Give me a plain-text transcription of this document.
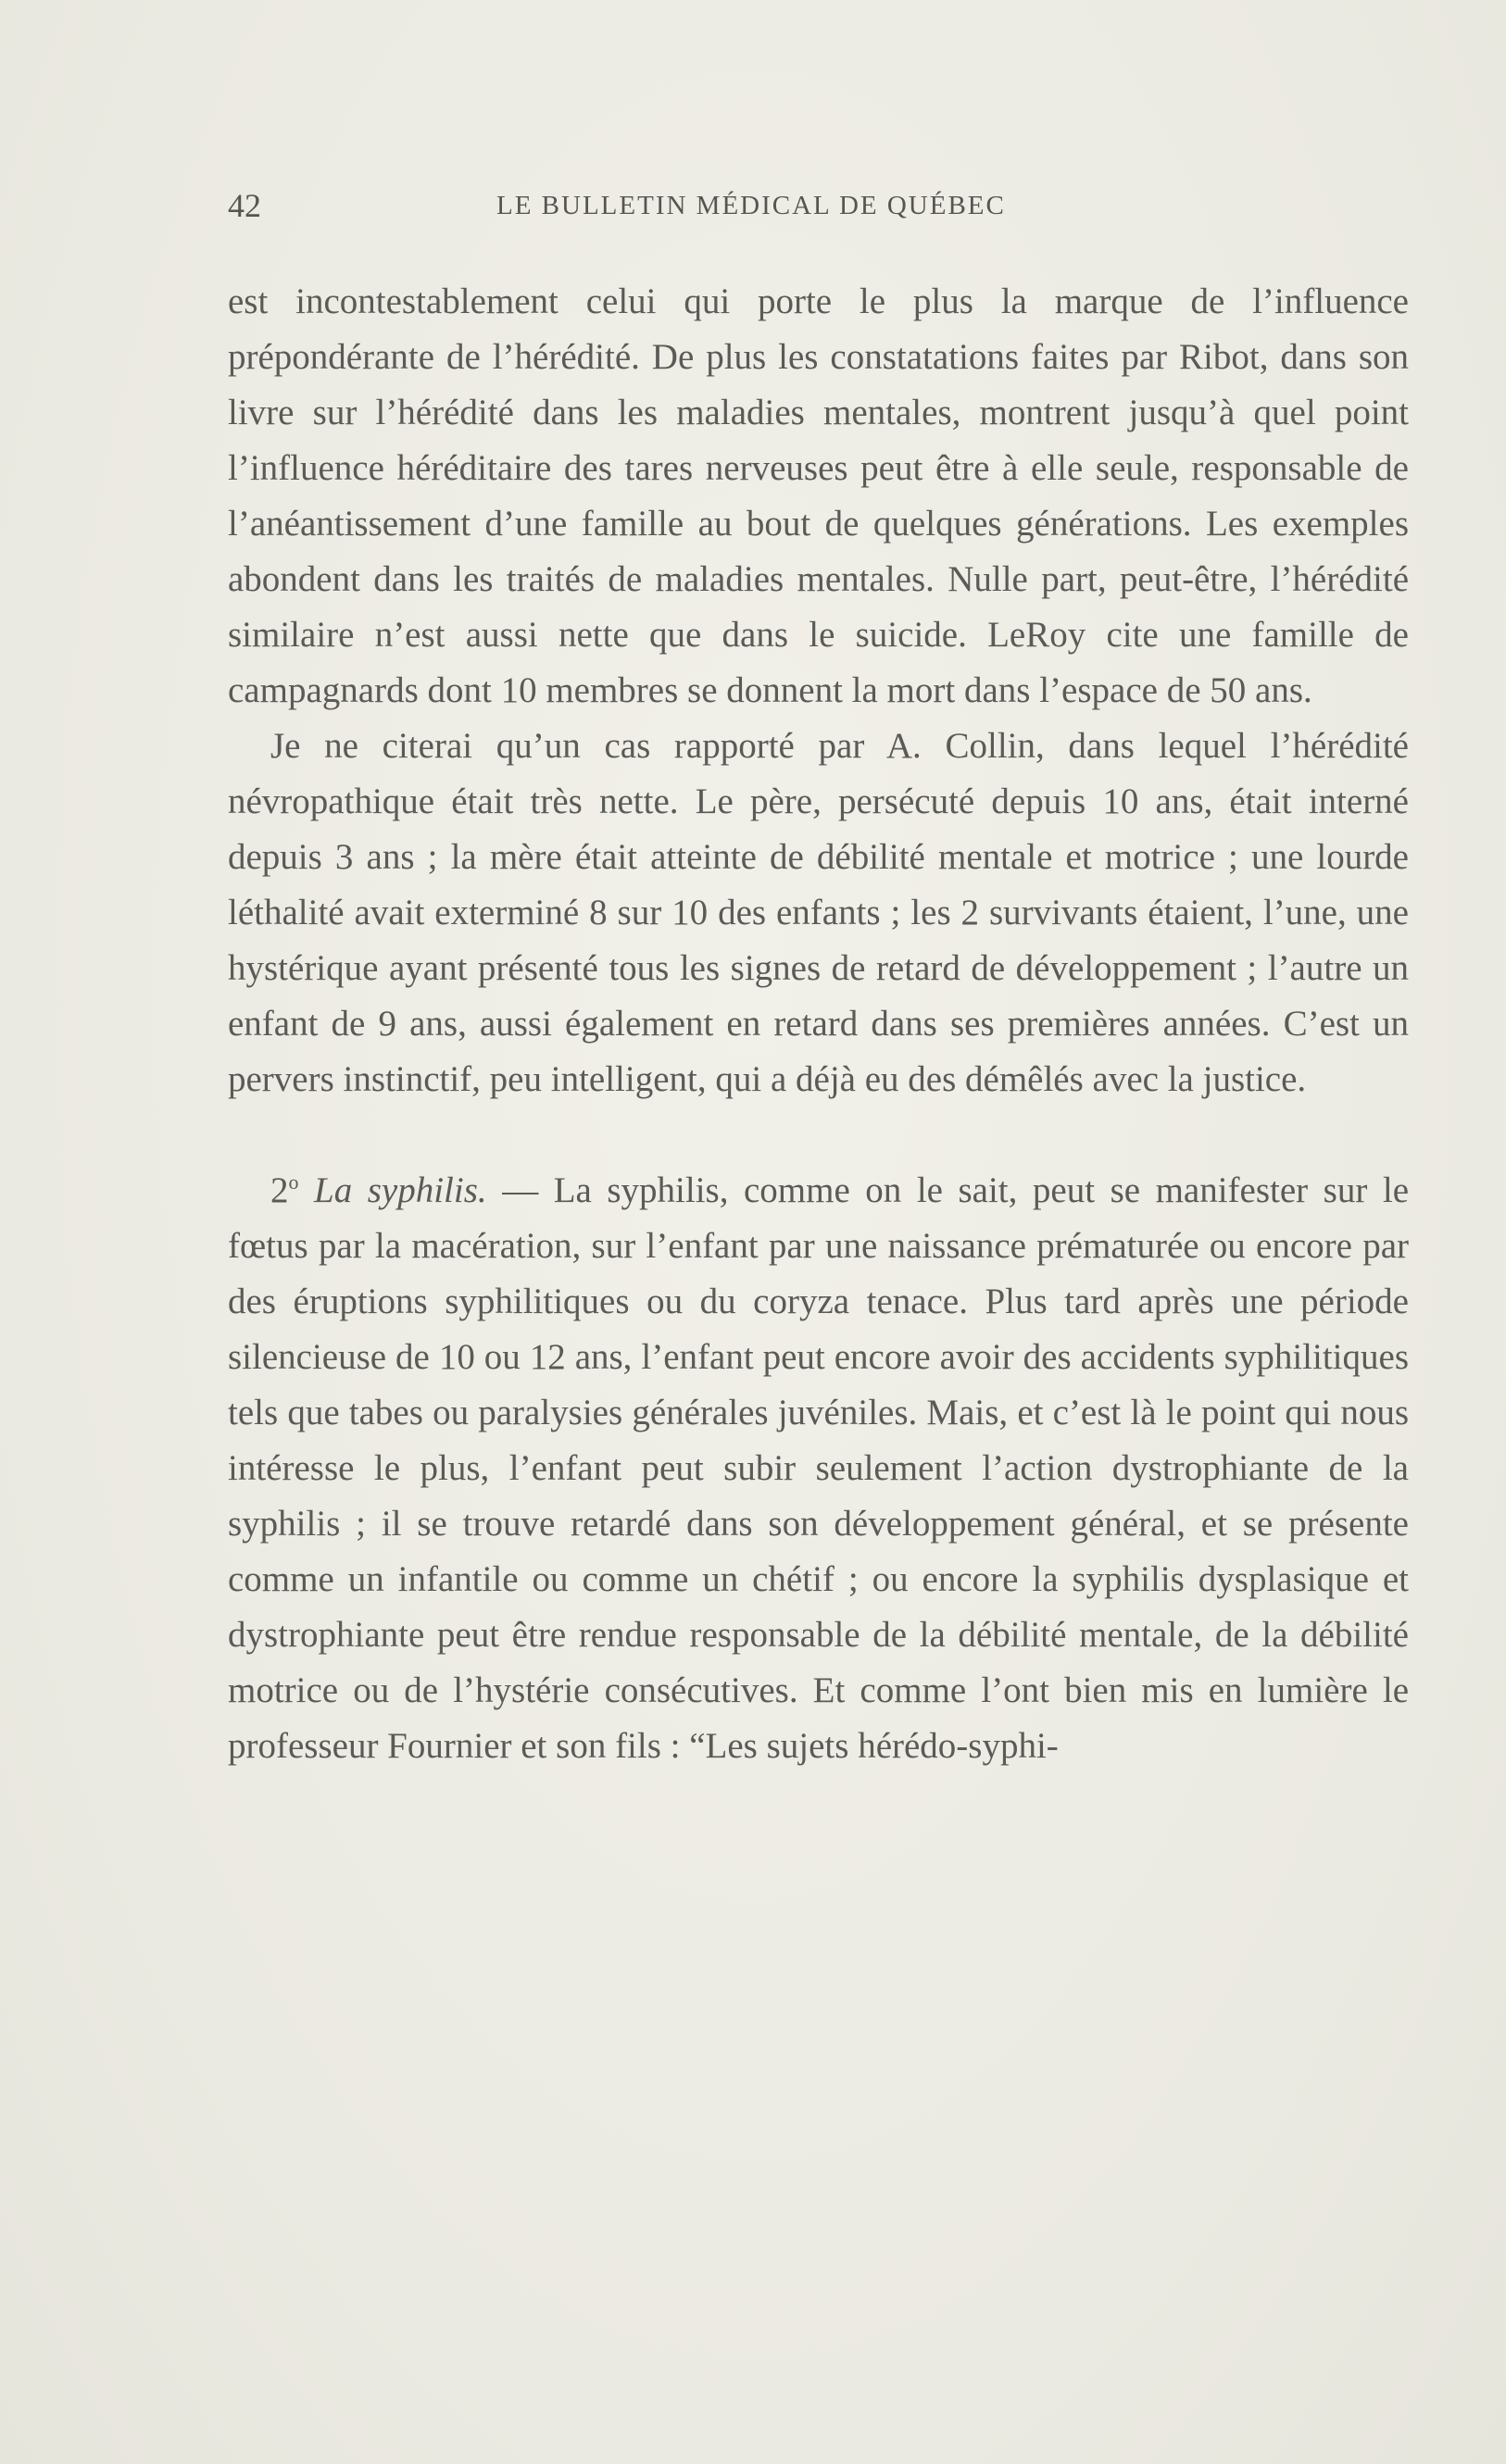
42	LE BULLETIN MÉDICAL DE QUÉBEC

est incontestablement celui qui porte le plus la marque de l’influence prépondérante de l’hérédité. De plus les constatations faites par Ribot, dans son livre sur l’hérédité dans les maladies mentales, montrent jusqu’à quel point l’influence héréditaire des tares nerveuses peut être à elle seule, responsable de l’anéantissement d’une famille au bout de quelques générations. Les exemples abondent dans les traités de maladies mentales. Nulle part, peut-être, l’hérédité similaire n’est aussi nette que dans le suicide. LeRoy cite une famille de campagnards dont 10 membres se donnent la mort dans l’espace de 50 ans.

Je ne citerai qu’un cas rapporté par A. Collin, dans lequel l’hérédité névropathique était très nette. Le père, persécuté depuis 10 ans, était interné depuis 3 ans ; la mère était atteinte de débilité mentale et motrice ; une lourde léthalité avait exterminé 8 sur 10 des enfants ; les 2 survivants étaient, l’une, une hystérique ayant présenté tous les signes de retard de développement ; l’autre un enfant de 9 ans, aussi également en retard dans ses premières années. C’est un pervers instinctif, peu intelligent, qui a déjà eu des démêlés avec la justice.

2$^o$ La syphilis. — La syphilis, comme on le sait, peut se manifester sur le fœtus par la macération, sur l’enfant par une naissance prématurée ou encore par des éruptions syphilitiques ou du coryza tenace. Plus tard après une période silencieuse de 10 ou 12 ans, l’enfant peut encore avoir des accidents syphilitiques tels que tabes ou paralysies générales juvéniles. Mais, et c’est là le point qui nous intéresse le plus, l’enfant peut subir seulement l’action dystrophiante de la syphilis ; il se trouve retardé dans son développement général, et se présente comme un infantile ou comme un chétif ; ou encore la syphilis dysplasique et dystrophiante peut être rendue responsable de la débilité mentale, de la débilité motrice ou de l’hystérie consécutives. Et comme l’ont bien mis en lumière le professeur Fournier et son fils : “Les sujets hérédo-syphi-
